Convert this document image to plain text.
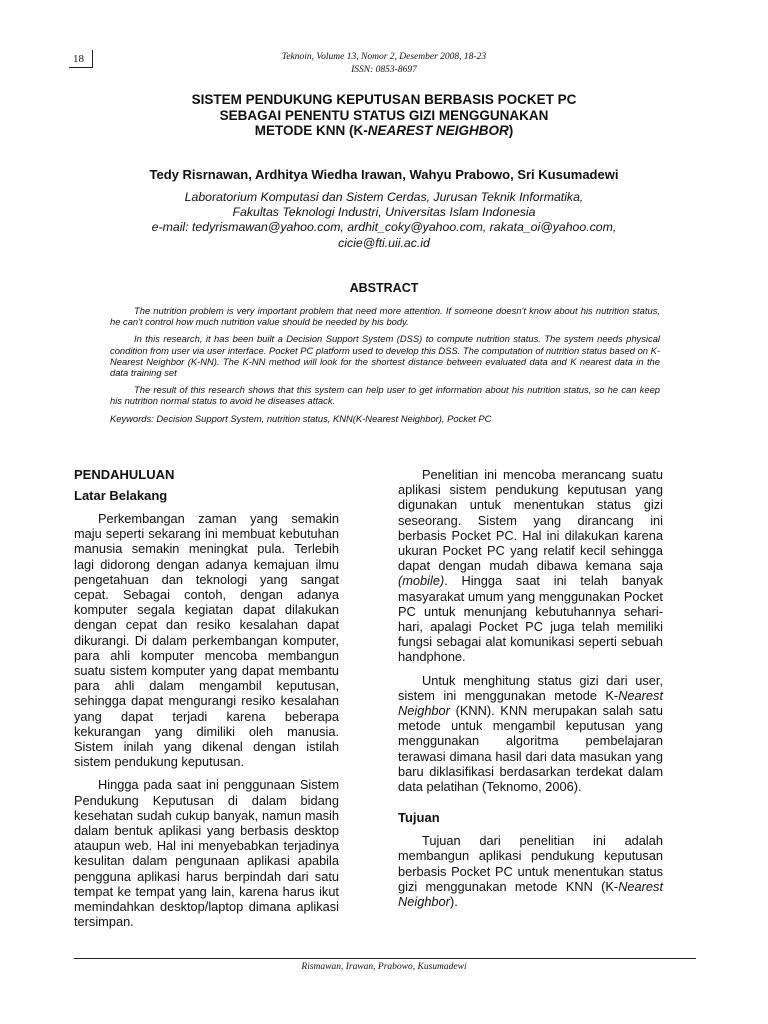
18	Teknoin, Volume 13, Nomor 2, Desember 2008, 18-23
ISSN: 0853-8697
SISTEM PENDUKUNG KEPUTUSAN BERBASIS POCKET PC
SEBAGAI PENENTU STATUS GIZI MENGGUNAKAN
METODE KNN (K-NEAREST NEIGHBOR)
Tedy Risrnawan, Ardhitya Wiedha Irawan, Wahyu Prabowo, Sri Kusumadewi
Laboratorium Komputasi dan Sistem Cerdas, Jurusan Teknik Informatika,
Fakultas Teknologi Industri, Universitas Islam Indonesia
e-mail: tedyrismawan@yahoo.com, ardhit_coky@yahoo.com, rakata_oi@yahoo.com,
cicie@fti.uii.ac.id
ABSTRACT

The nutrition problem is very important problem that need more attention. If someone doesn't know about his nutrition status, he can't control how much nutrition value should be needed by his body.

In this research, it has been built a Decision Support System (DSS) to compute nutrition status. The system needs physical condition from user via user interface. Pocket PC platform used to develop this DSS. The computation of nutrition status based on K-Nearest Neighbor (K-NN). The K-NN method will look for the shortest distance between evaluated data and K nearest data in the data training set

The result of this research shows that this system can help user to get information about his nutrition status, so he can keep his nutrition normal status to avoid he diseases attack.

Keywords: Decision Support System, nutrition status, KNN(K-Nearest Neighbor), Pocket PC

PENDAHULUAN
Latar Belakang

Perkembangan zaman yang semakin maju seperti sekarang ini membuat kebutuhan manusia semakin meningkat pula. Terlebih lagi didorong dengan adanya kemajuan ilmu pengetahuan dan teknologi yang sangat cepat. Sebagai contoh, dengan adanya komputer segala kegiatan dapat dilakukan dengan cepat dan resiko kesalahan dapat dikurangi. Di dalam perkembangan komputer, para ahli komputer mencoba membangun suatu sistem komputer yang dapat membantu para ahli dalam mengambil keputusan, sehingga dapat mengurangi resiko kesalahan yang dapat terjadi karena beberapa kekurangan yang dimiliki oleh manusia. Sistem inilah yang dikenal dengan istilah sistem pendukung keputusan.

Hingga pada saat ini penggunaan Sistem Pendukung Keputusan di dalam bidang kesehatan sudah cukup banyak, namun masih dalam bentuk aplikasi yang berbasis desktop ataupun web. Hal ini menyebabkan terjadinya kesulitan dalam pengunaan aplikasi apabila pengguna aplikasi harus berpindah dari satu tempat ke tempat yang lain, karena harus ikut memindahkan desktop/laptop dimana aplikasi tersimpan.

Penelitian ini mencoba merancang suatu aplikasi sistem pendukung keputusan yang digunakan untuk menentukan status gizi seseorang. Sistem yang dirancang ini berbasis Pocket PC. Hal ini dilakukan karena ukuran Pocket PC yang relatif kecil sehingga dapat dengan mudah dibawa kemana saja (mobile). Hingga saat ini telah banyak masyarakat umum yang menggunakan Pocket PC untuk menunjang kebutuhannya sehari-hari, apalagi Pocket PC juga telah memiliki fungsi sebagai alat komunikasi seperti sebuah handphone.

Untuk menghitung status gizi dari user, sistem ini menggunakan metode K-Nearest Neighbor (KNN). KNN merupakan salah satu metode untuk mengambil keputusan yang menggunakan algoritma pembelajaran terawasi dimana hasil dari data masukan yang baru diklasifikasi berdasarkan terdekat dalam data pelatihan (Teknomo, 2006).

Tujuan

Tujuan dari penelitian ini adalah membangun aplikasi pendukung keputusan berbasis Pocket PC untuk menentukan status gizi menggunakan metode KNN (K-Nearest Neighbor).

Rismawan, Irawan, Prabowo, Kusumadewi
